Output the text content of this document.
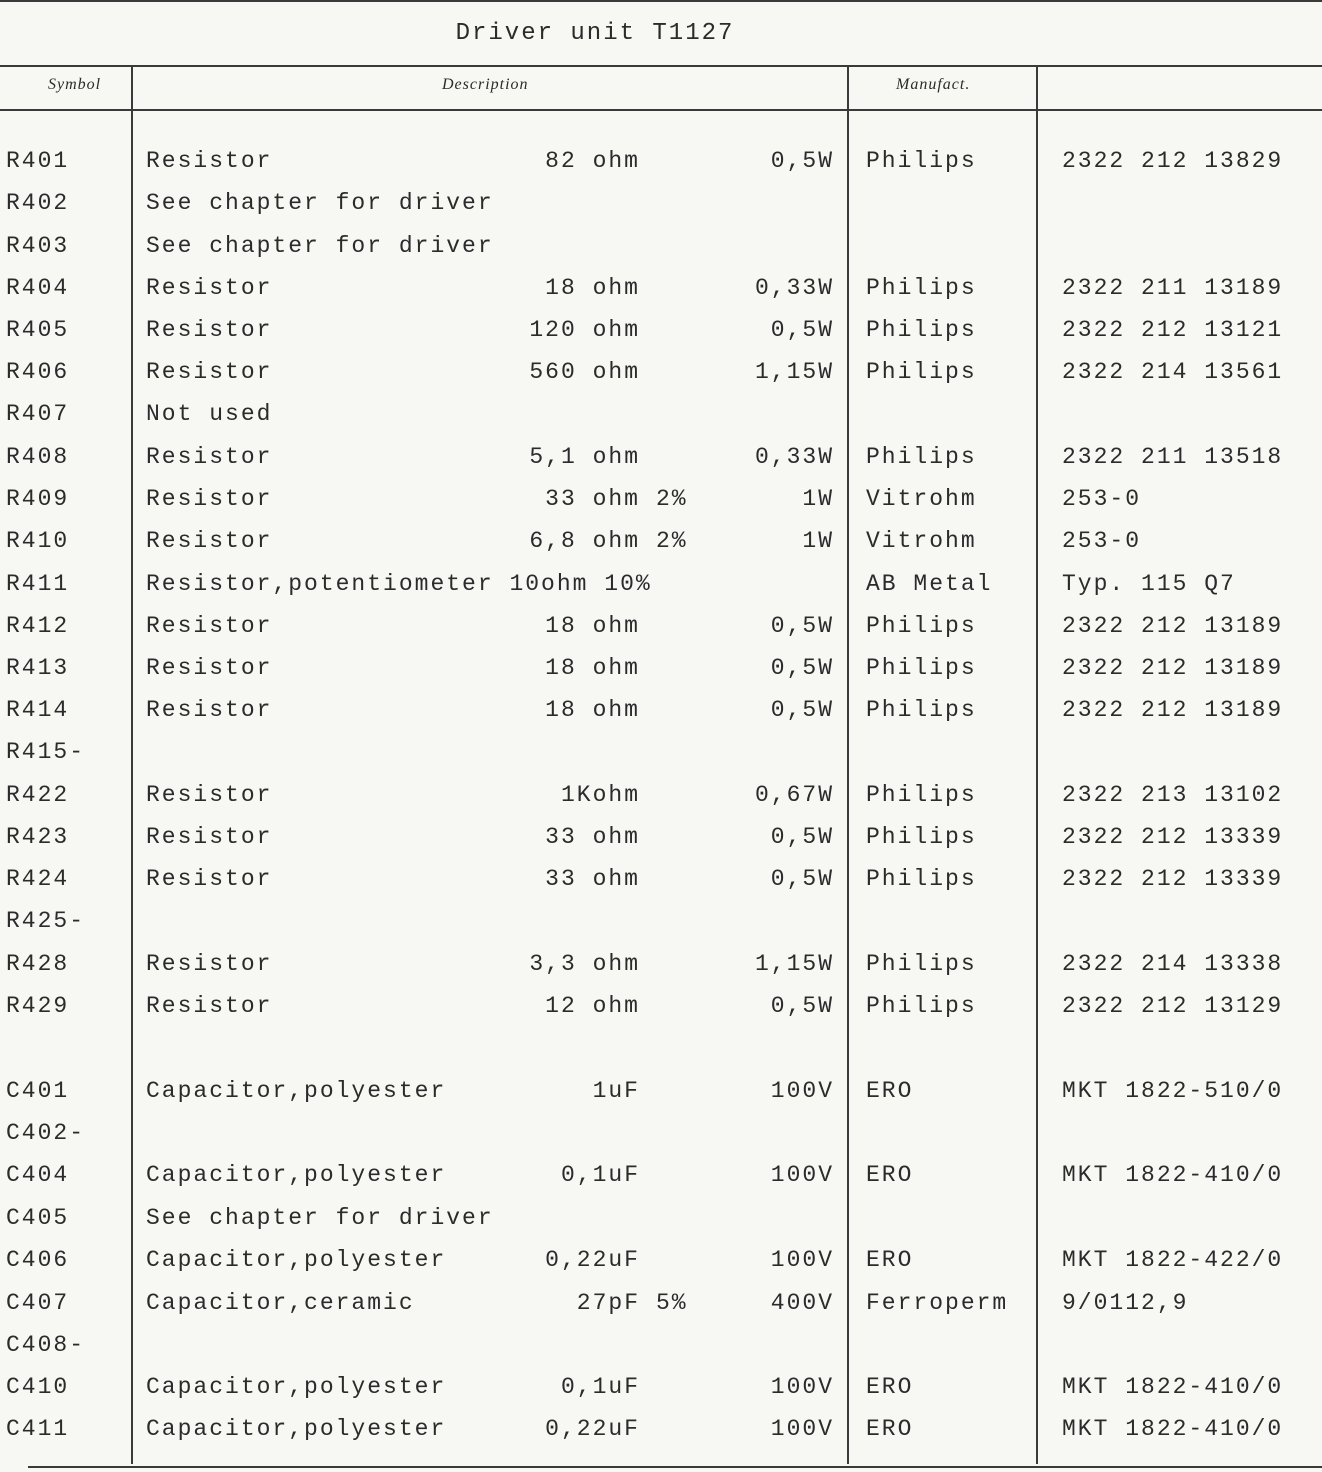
Driver unit T1127
Symbol	Description	Manufact.
R401	Resistor	82 ohm	0,5W Philips	2322 212 13829
R402	See chapter for driver
R403	See chapter for driver
R404	Resistor	18 ohm	0,33W Philips	2322 211 13189
R405	Resistor	120 ohm	0,5W Philips	2322 212 13121
R406	Resistor	560 ohm	1,15W Philips	2322 214 13561
R407	Not used
R408	Resistor	5,1 ohm	0,33W Philips	2322 211 13518
R409	Resistor	33 ohm 2%	1W Vitrohm	253-0
R410	Resistor	6,8 ohm 2%	1W Vitrohm	253-0
R411	Resistor,potentiometer 10ohm 10%	AB Metal	Typ. 115 Q7
R412	Resistor	18 ohm	0,5W Philips	2322 212 13189
R413	Resistor	18 ohm	0,5W Philips	2322 212 13189
R414	Resistor	18 ohm	0,5W Philips	2322 212 13189
R415-
R422	Resistor	1Kohm	0,67W Philips	2322 213 13102
R423	Resistor	33 ohm	0,5W Philips	2322 212 13339
R424	Resistor	33 ohm	0,5W Philips	2322 212 13339
R425-
R428	Resistor	3,3 ohm	1,15W Philips	2322 214 13338
R429	Resistor	12 ohm	0,5W Philips	2322 212 13129
C401	Capacitor,polyester	1uF	100V ERO	MKT 1822-510/0
C402-
C404	Capacitor,polyester	0,1uF	100V ERO	MKT 1822-410/0
C405	See chapter for driver
C406	Capacitor,polyester	0,22uF	100V ERO	MKT 1822-422/0
C407	Capacitor,ceramic	27pF 5%	400V Ferroperm 9/0112,9
C408-
C410	Capacitor,polyester	0,1uF	100V ERO	MKT 1822-410/0
C411	Capacitor,polyester	0,22uF	100V ERO	MKT 1822-410/0
